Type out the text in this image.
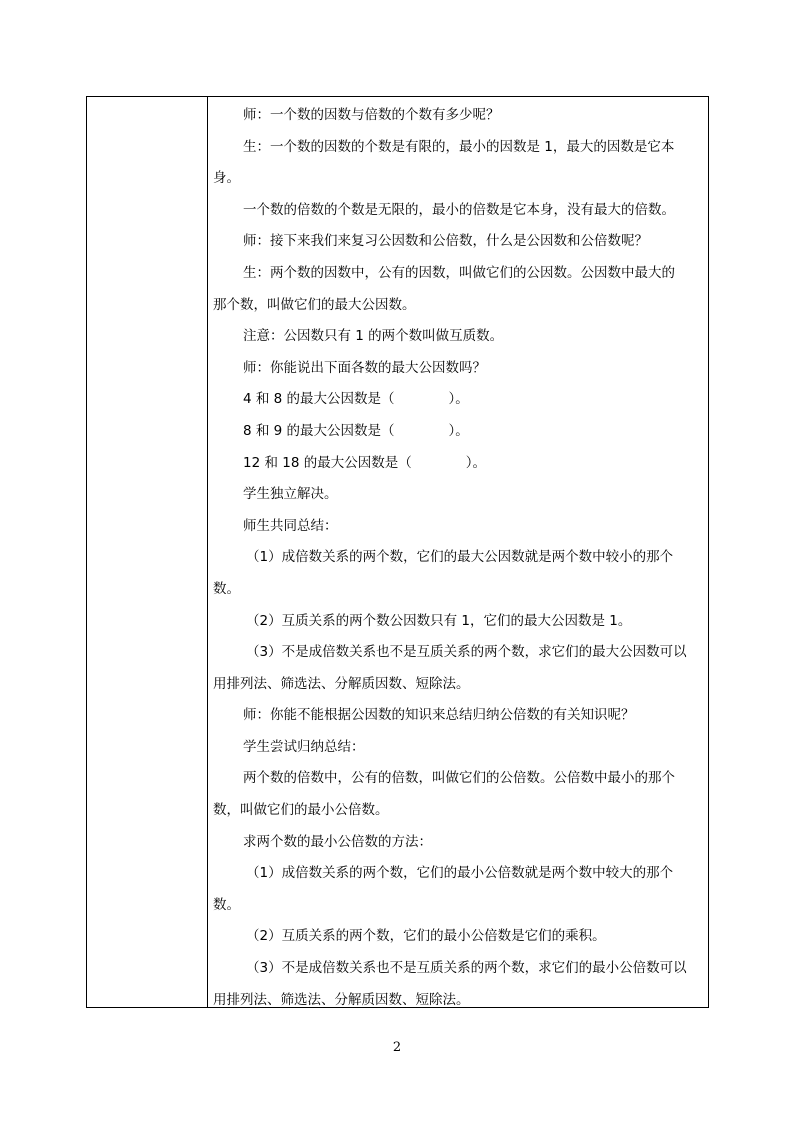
师：一个数的因数与倍数的个数有多少呢？
生：一个数的因数的个数是有限的，最小的因数是 1，最大的因数是它本
身。
一个数的倍数的个数是无限的，最小的倍数是它本身，没有最大的倍数。
师：接下来我们来复习公因数和公倍数，什么是公因数和公倍数呢？
生：两个数的因数中，公有的因数，叫做它们的公因数。公因数中最大的
那个数，叫做它们的最大公因数。
注意：公因数只有 1 的两个数叫做互质数。
师：你能说出下面各数的最大公因数吗？
4 和 8 的最大公因数是（　　　　）。
8 和 9 的最大公因数是（　　　　）。
12 和 18 的最大公因数是（　　　　）。
学生独立解决。
师生共同总结：
（1）成倍数关系的两个数，它们的最大公因数就是两个数中较小的那个
数。
（2）互质关系的两个数公因数只有 1，它们的最大公因数是 1。
（3）不是成倍数关系也不是互质关系的两个数，求它们的最大公因数可以
用排列法、筛选法、分解质因数、短除法。
师：你能不能根据公因数的知识来总结归纳公倍数的有关知识呢？
学生尝试归纳总结：
两个数的倍数中，公有的倍数，叫做它们的公倍数。公倍数中最小的那个
数，叫做它们的最小公倍数。
求两个数的最小公倍数的方法：
（1）成倍数关系的两个数，它们的最小公倍数就是两个数中较大的那个
数。
（2）互质关系的两个数，它们的最小公倍数是它们的乘积。
（3）不是成倍数关系也不是互质关系的两个数，求它们的最小公倍数可以
用排列法、筛选法、分解质因数、短除法。
2
